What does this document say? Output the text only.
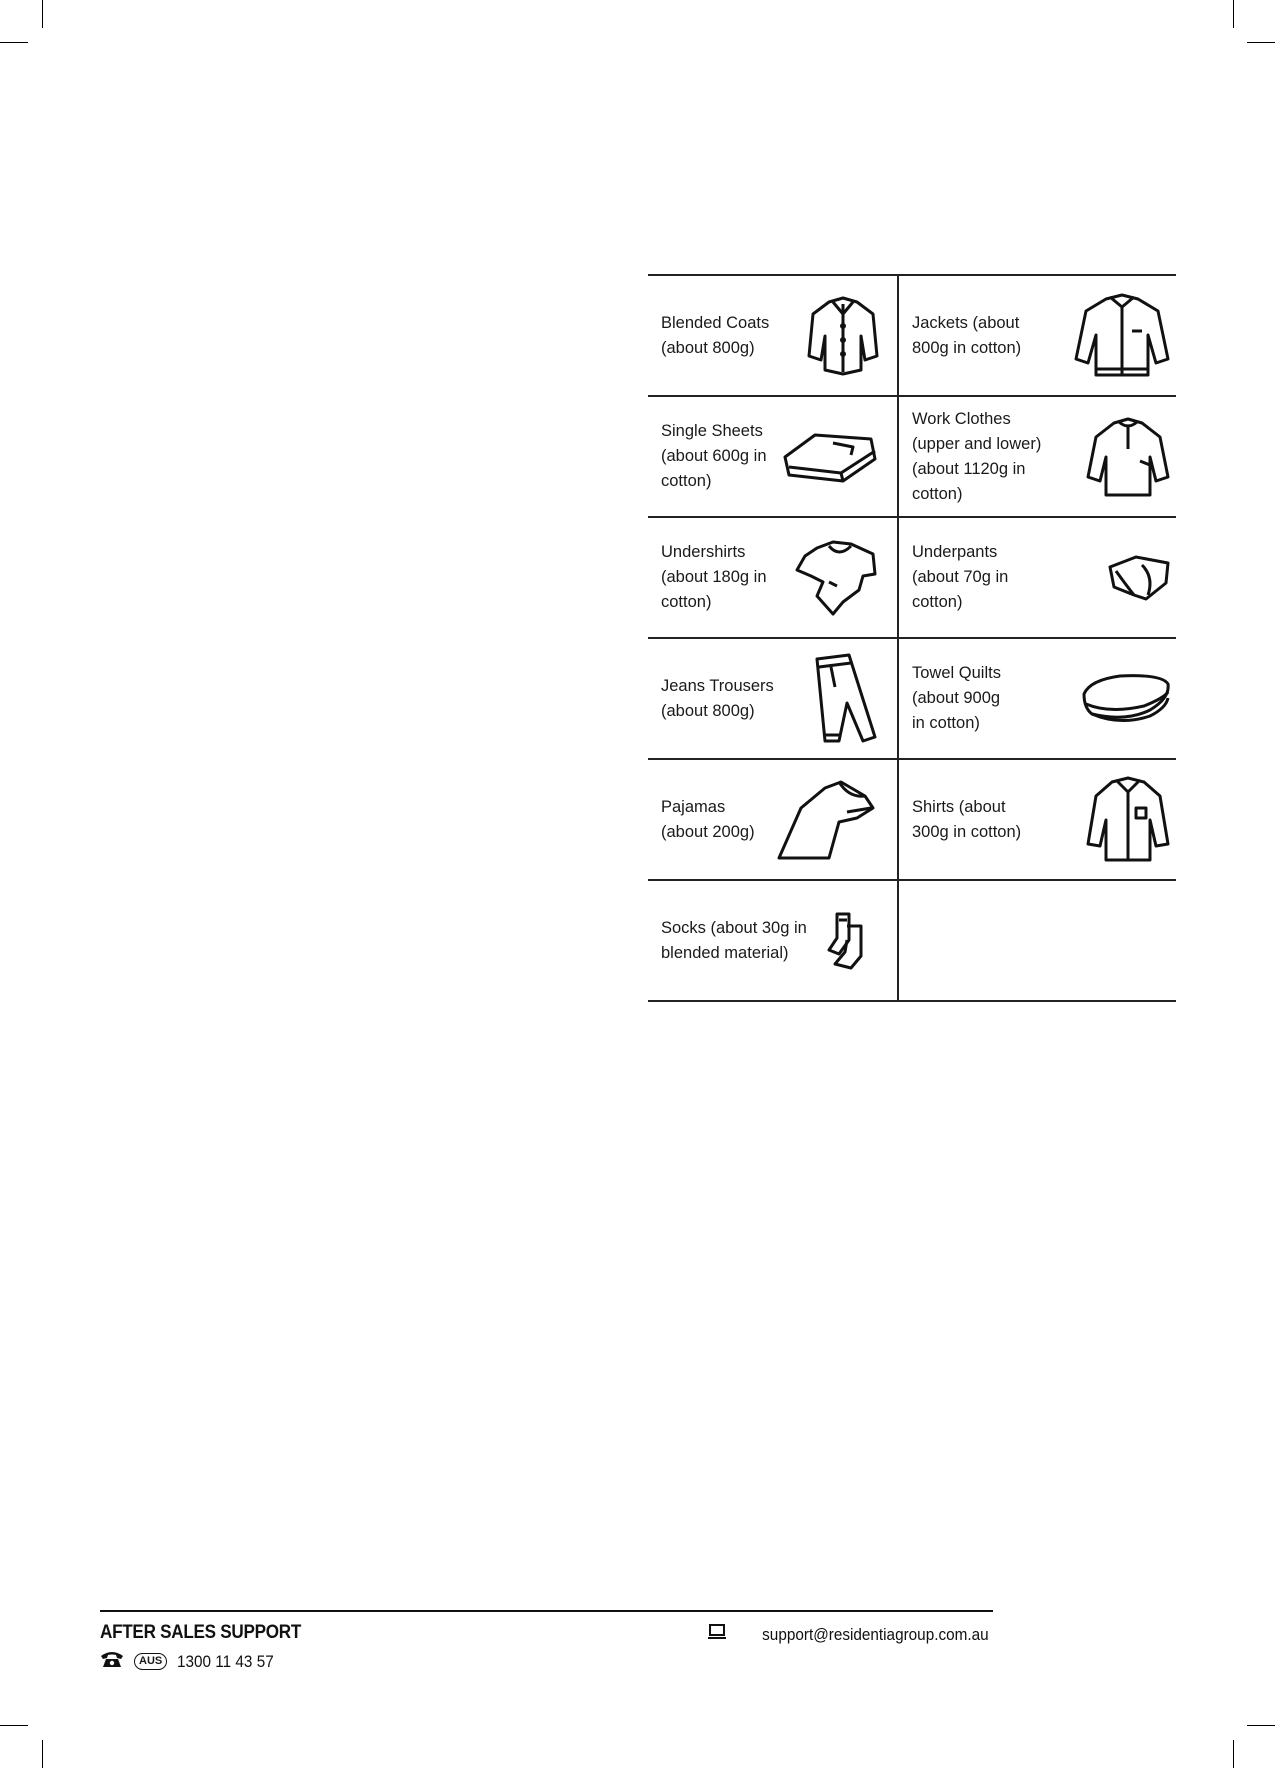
Blended Coats
(about 800g)
Jackets (about
800g in cotton)
Single Sheets
(about 600g in
cotton)
Work Clothes
(upper and lower)
(about 1120g in
cotton)
Undershirts
(about 180g in
cotton)
Underpants
(about 70g in
cotton)
Jeans Trousers
(about 800g)
Towel Quilts
(about 900g
in cotton)
Pajamas
(about 200g)
Shirts (about
300g in cotton)
Socks (about 30g in
blended material)
AFTER SALES SUPPORT
AUS 1300 11 43 57
support@residentiagroup.com.au
